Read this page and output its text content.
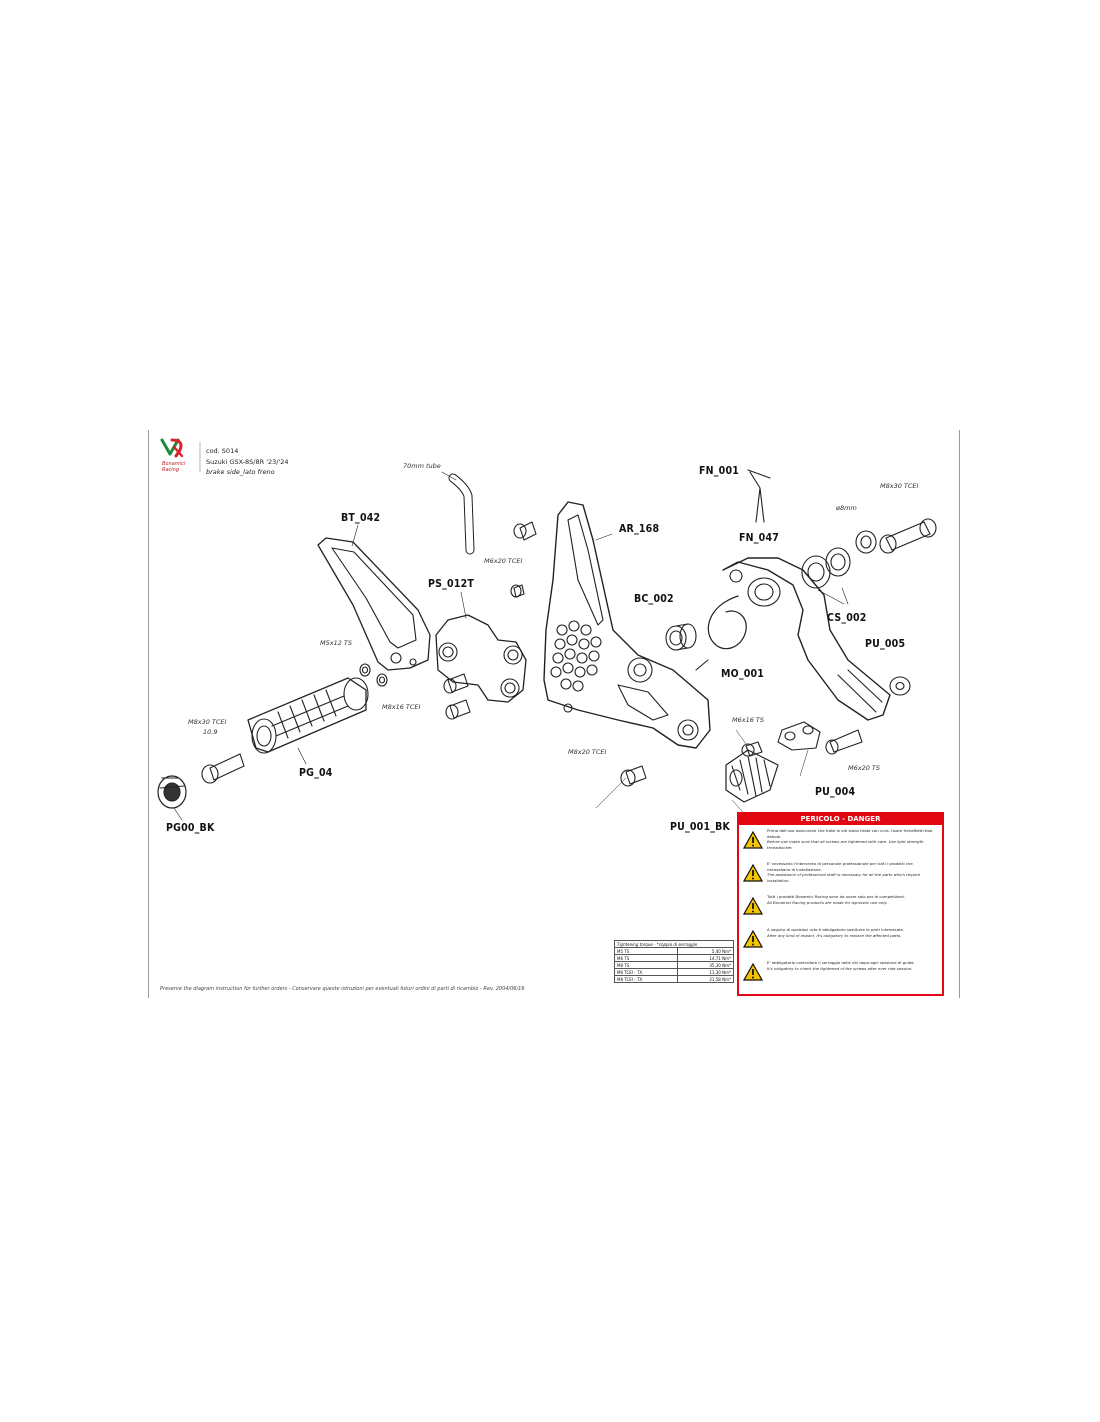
Bonamici
Racing
cod. S014
Suzuki GSX-8S/8R '23/'24
brake side_lato freno
BT_042
PS_012T
AR_168
FN_001
FN_047
BC_002
MO_001
CS_002
PU_005
PU_004
PU_001_BK
PG_04
PG00_BK
70mm tube
M6x20 TCEI
M5x12 TS
M8x16 TCEI
M8x30 TCEI
10.9
M8x20 TCEI
M6x16 TS
M6x20 TS
ø8mm
M8x30 TCEI
Preserve the diagram instruction for further orders - Conservare queste istruzioni per eventuali futuri ordini di parti di ricambio - Rev. 2004/06/16
Tightening torque - *coppia di serraggio	
M5 TS	5,40 Nm*
M6 TS	14,71 Nm*
M8 TS	35,30 Nm*
M6 TCEI - TX	11,30 Nm*
M8 TCEI - TX	21,58 Nm*
PERICOLO - DANGER
Prima dell'uso assicurarsi che tutte le viti siano tirate con cura. Usare frenafiletti tipo debole.
Before use make sure that all screws are tightened with care. Use light strength threadlocker.
E' necessario l'intervento di personale professionale per tutti i prodotti che necessitano di installazione.
The assistance of professional staff is necessary for all the parts which require installation.
Tutti i prodotti Bonamici Racing sono da usare solo per le competizioni.
All Bonamici Racing products are made for agonistic use only.
A seguito di qualsiasi urto è obbligatorio sostituire le parti interessate.
After any kind of impact, it's obligatory to replace the affected parts.
E' obbligatorio controllare il serraggio delle viti dopo ogni sessione di guida.
It's obligatory to check the tightened of the screws after ever ride session.
